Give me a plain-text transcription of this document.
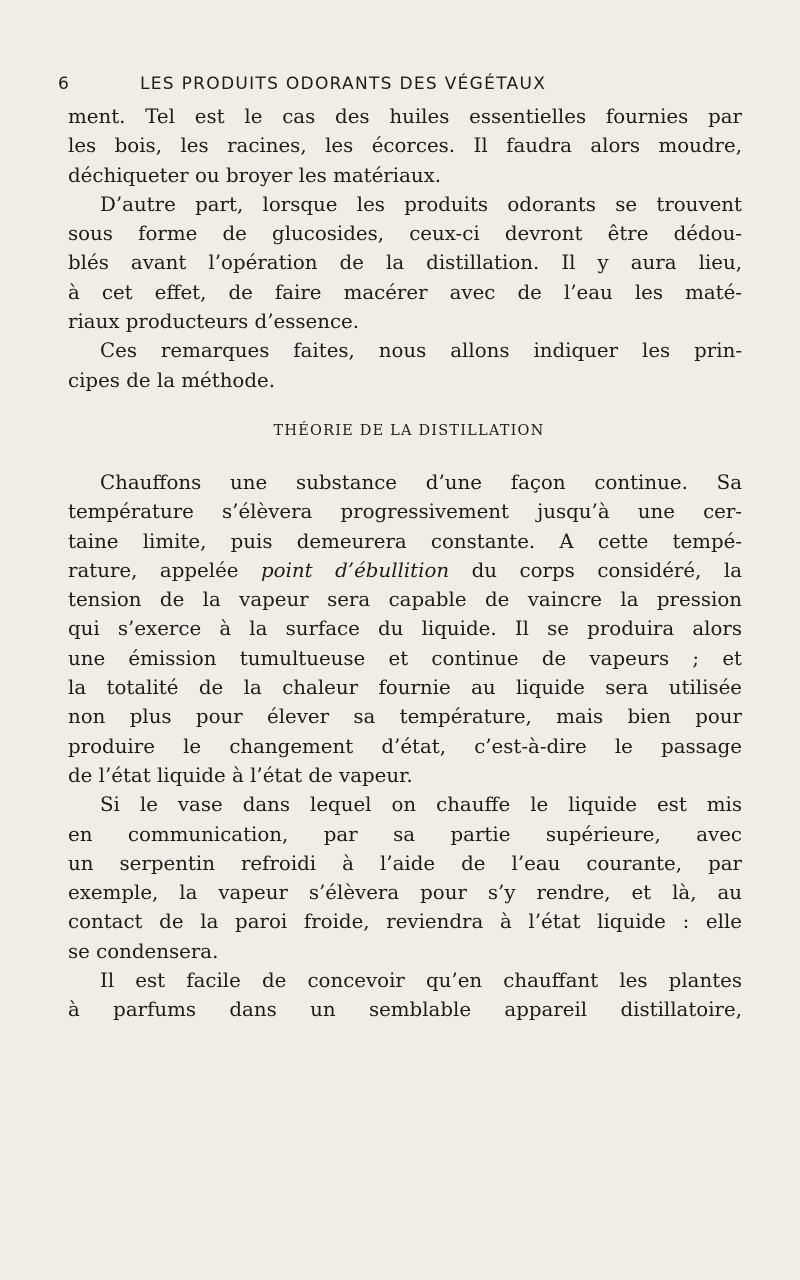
6	LES PRODUITS ODORANTS DES VÉGÉTAUX
ment. Tel est le cas des huiles essentielles fournies par
les bois, les racines, les écorces. Il faudra alors moudre,
déchiqueter ou broyer les matériaux.
D’autre part, lorsque les produits odorants se trouvent
sous forme de glucosides, ceux-ci devront être dédou-
blés avant l’opération de la distillation. Il y aura lieu,
à cet effet, de faire macérer avec de l’eau les maté-
riaux producteurs d’essence.
Ces remarques faites, nous allons indiquer les prin-
cipes de la méthode.
THÉORIE DE LA DISTILLATION
Chauffons une substance d’une façon continue. Sa
température s’élèvera progressivement jusqu’à une cer-
taine limite, puis demeurera constante. A cette tempé-
rature, appelée point d’ébullition du corps considéré, la
tension de la vapeur sera capable de vaincre la pression
qui s’exerce à la surface du liquide. Il se produira alors
une émission tumultueuse et continue de vapeurs ; et
la totalité de la chaleur fournie au liquide sera utilisée
non plus pour élever sa température, mais bien pour
produire le changement d’état, c’est-à-dire le passage
de l’état liquide à l’état de vapeur.
Si le vase dans lequel on chauffe le liquide est mis
en communication, par sa partie supérieure, avec
un serpentin refroidi à l’aide de l’eau courante, par
exemple, la vapeur s’élèvera pour s’y rendre, et là, au
contact de la paroi froide, reviendra à l’état liquide : elle
se condensera.
Il est facile de concevoir qu’en chauffant les plantes
à parfums dans un semblable appareil distillatoire,
